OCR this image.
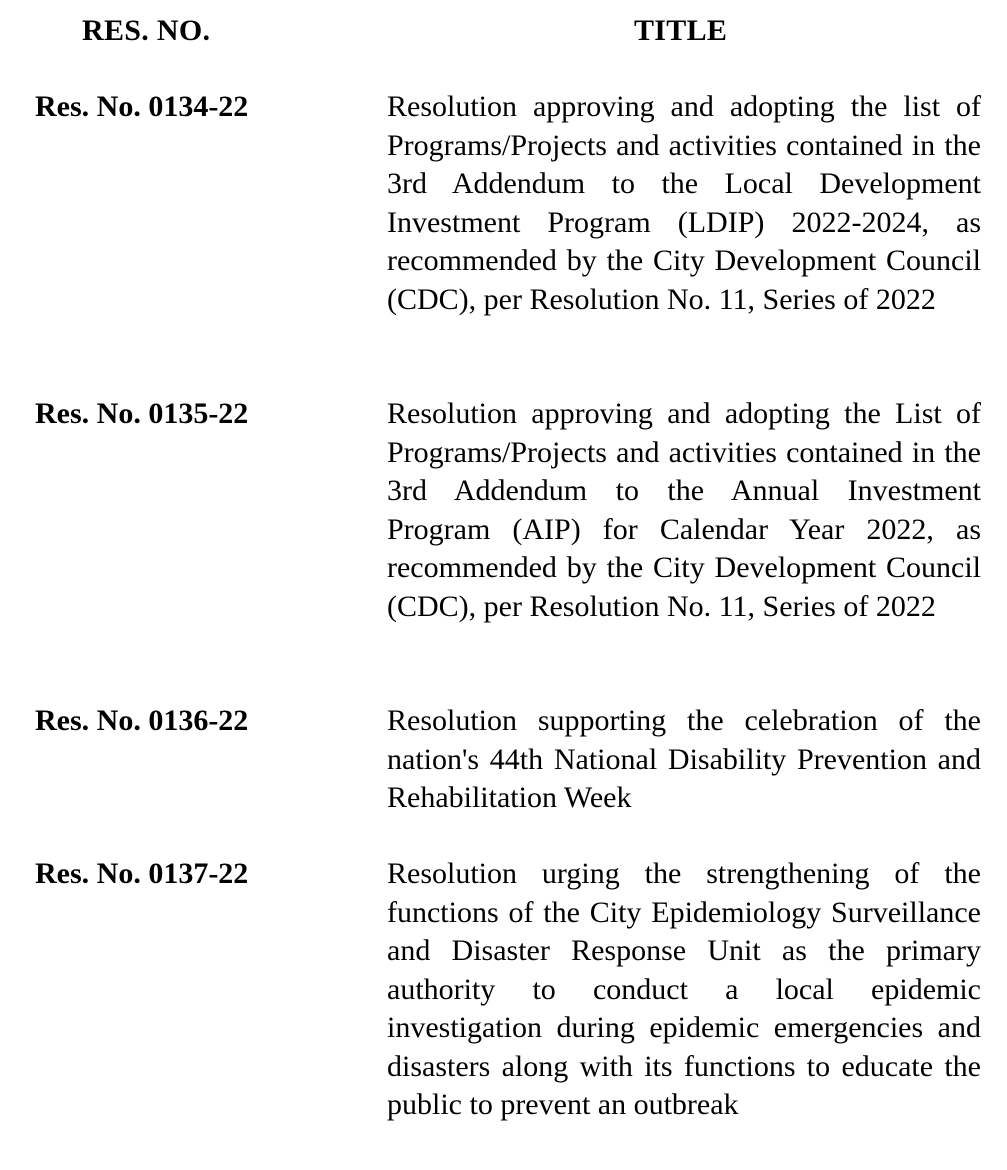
RES. NO.	TITLE
Res. No. 0134-22	Resolution approving and adopting the list of Programs/Projects and activities contained in the 3rd Addendum to the Local Development Investment Program (LDIP) 2022-2024, as recommended by the City Development Council (CDC), per Resolution No. 11, Series of 2022
Res. No. 0135-22	Resolution approving and adopting the List of Programs/Projects and activities contained in the 3rd Addendum to the Annual Investment Program (AIP) for Calendar Year 2022, as recommended by the City Development Council (CDC), per Resolution No. 11, Series of 2022
Res. No. 0136-22	Resolution supporting the celebration of the nation's 44th National Disability Prevention and Rehabilitation Week
Res. No. 0137-22	Resolution urging the strengthening of the functions of the City Epidemiology Surveillance and Disaster Response Unit as the primary authority to conduct a local epidemic investigation during epidemic emergencies and disasters along with its functions to educate the public to prevent an outbreak
